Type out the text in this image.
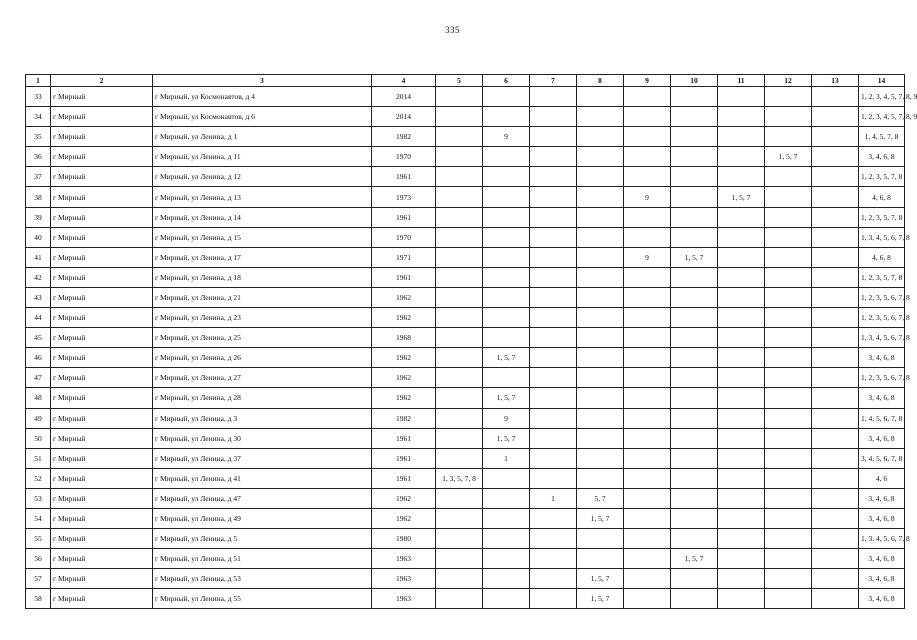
335
1	2	3	4	5	6	7	8	9	10	11	12	13	14
33	г Мирный	г Мирный, ул Космонавтов, д 4	2014										1, 2, 3, 4, 5, 7, 8, 9
34	г Мирный	г Мирный, ул Космонавтов, д 6	2014										1, 2, 3, 4, 5, 7, 8, 9
35	г Мирный	г Мирный, ул Ленина, д 1	1982		9								1, 4, 5, 7, 8
36	г Мирный	г Мирный, ул Ленина, д 11	1970								1, 5, 7		3, 4, 6, 8
37	г Мирный	г Мирный, ул Ленина, д 12	1961										1, 2, 3, 5, 7, 8
38	г Мирный	г Мирный, ул Ленина, д 13	1973					9		1, 5, 7			4, 6, 8
39	г Мирный	г Мирный, ул Ленина, д 14	1961										1, 2, 3, 5, 7, 8
40	г Мирный	г Мирный, ул Ленина, д 15	1970										1, 3, 4, 5, 6, 7, 8
41	г Мирный	г Мирный, ул Ленина, д 17	1971					9	1, 5, 7				4, 6, 8
42	г Мирный	г Мирный, ул Ленина, д 18	1961										1, 2, 3, 5, 7, 8
43	г Мирный	г Мирный, ул Ленина, д 21	1962										1, 2, 3, 5, 6, 7, 8
44	г Мирный	г Мирный, ул Ленина, д 23	1962										1, 2, 3, 5, 6, 7, 8
45	г Мирный	г Мирный, ул Ленина, д 25	1968										1, 3, 4, 5, 6, 7, 8
46	г Мирный	г Мирный, ул Ленина, д 26	1962		1, 5, 7								3, 4, 6, 8
47	г Мирный	г Мирный, ул Ленина, д 27	1962										1, 2, 3, 5, 6, 7, 8
48	г Мирный	г Мирный, ул Ленина, д 28	1962		1, 5, 7								3, 4, 6, 8
49	г Мирный	г Мирный, ул Ленина, д 3	1982		9								1, 4, 5, 6, 7, 8
50	г Мирный	г Мирный, ул Ленина, д 30	1961		1, 5, 7								3, 4, 6, 8
51	г Мирный	г Мирный, ул Ленина, д 37	1961		1								3, 4, 5, 6, 7, 8
52	г Мирный	г Мирный, ул Ленина, д 41	1961	1, 3, 5, 7, 8									4, 6
53	г Мирный	г Мирный, ул Ленина, д 47	1962			1	5, 7						3, 4, 6, 8
54	г Мирный	г Мирный, ул Ленина, д 49	1962				1, 5, 7						3, 4, 6, 8
55	г Мирный	г Мирный, ул Ленина, д 5	1980										1, 3, 4, 5, 6, 7, 8
56	г Мирный	г Мирный, ул Ленина, д 51	1963						1, 5, 7				3, 4, 6, 8
57	г Мирный	г Мирный, ул Ленина, д 53	1963				1, 5, 7						3, 4, 6, 8
58	г Мирный	г Мирный, ул Ленина, д 55	1963				1, 5, 7						3, 4, 6, 8
